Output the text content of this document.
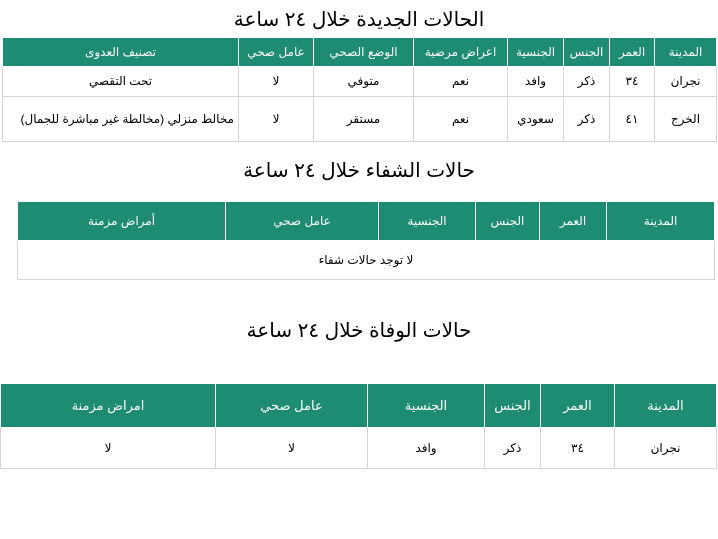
الحالات الجديدة خلال ٢٤ ساعة
المدينة	العمر	الجنس	الجنسية	اعراض مرضية	الوضع الصحي	عامل صحي	تصنيف العدوى
نجران	٣٤	ذكر	وافد	نعم	متوفي	لا	تحت التقصي
الخرج	٤١	ذكر	سعودي	نعم	مستقر	لا	مخالط منزلي (مخالطة غير مباشرة للجمال)
حالات الشفاء خلال ٢٤ ساعة
المدينة	العمر	الجنس	الجنسية	عامل صحي	أمراض مزمنة
لا توجد حالات شفاء
حالات الوفاة خلال ٢٤ ساعة
المدينة	العمر	الجنس	الجنسية	عامل صحي	امراض مزمنة
نجران	٣٤	ذكر	وافد	لا	لا
